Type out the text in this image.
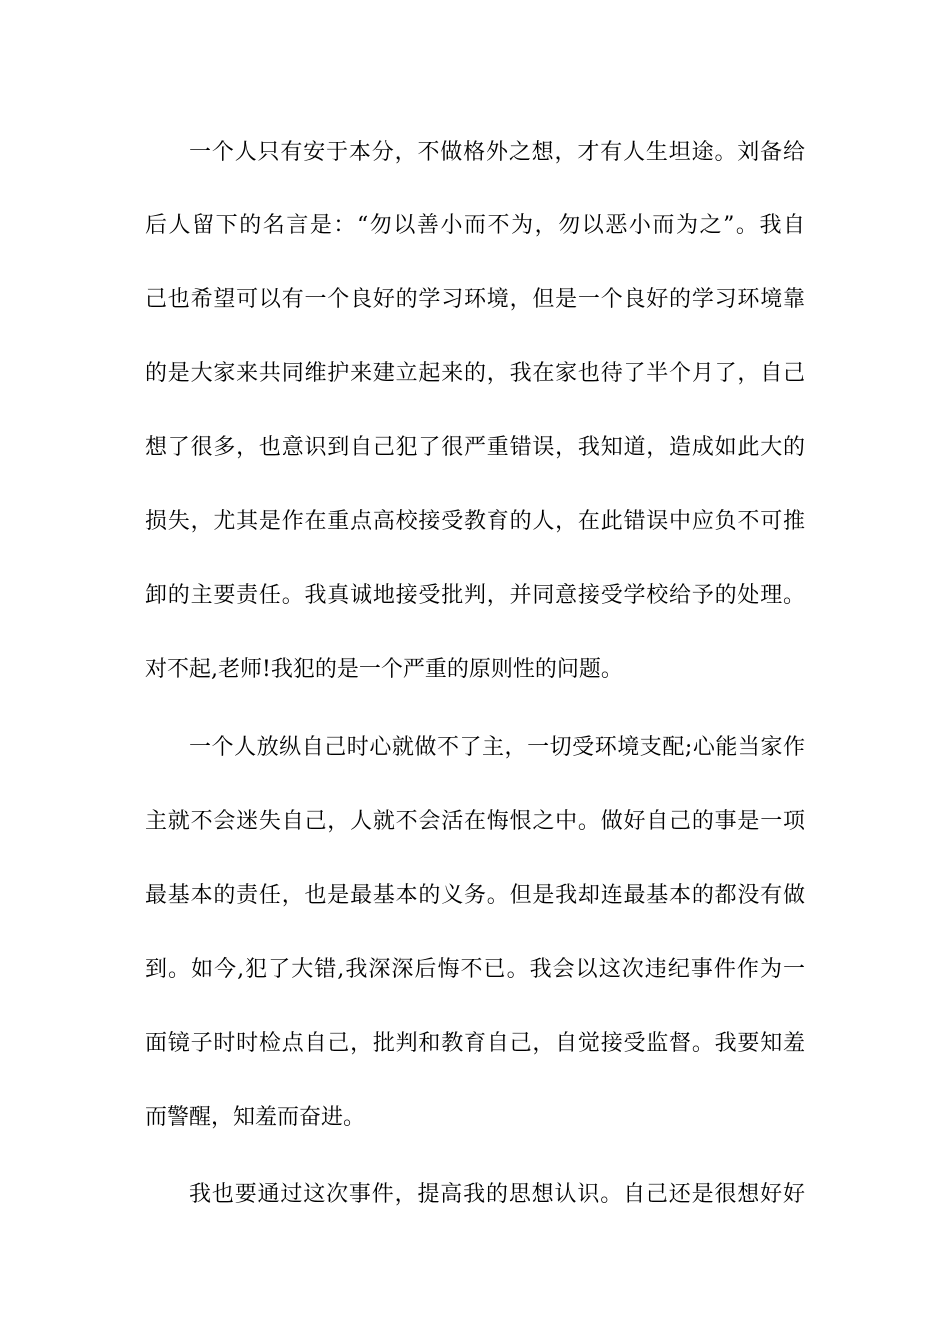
一个人只有安于本分，不做格外之想，才有人生坦途。刘备给
后人留下的名言是：“勿以善小而不为，勿以恶小而为之”。我自
己也希望可以有一个良好的学习环境，但是一个良好的学习环境靠
的是大家来共同维护来建立起来的，我在家也待了半个月了，自己
想了很多，也意识到自己犯了很严重错误，我知道，造成如此大的
损失，尤其是作在重点高校接受教育的人，在此错误中应负不可推
卸的主要责任。我真诚地接受批判，并同意接受学校给予的处理。
对不起,老师!我犯的是一个严重的原则性的问题。
一个人放纵自己时心就做不了主，一切受环境支配;心能当家作
主就不会迷失自己，人就不会活在悔恨之中。做好自己的事是一项
最基本的责任，也是最基本的义务。但是我却连最基本的都没有做
到。如今,犯了大错,我深深后悔不已。我会以这次违纪事件作为一
面镜子时时检点自己，批判和教育自己，自觉接受监督。我要知羞
而警醒，知羞而奋进。
我也要通过这次事件，提高我的思想认识。自己还是很想好好
